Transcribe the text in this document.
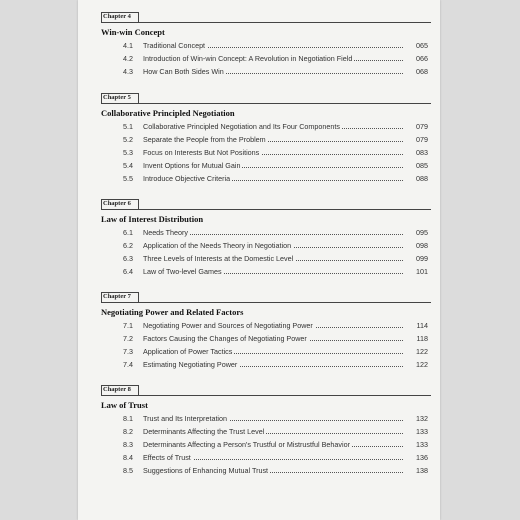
Chapter 4
Win-win Concept
4.1	Traditional Concept	065
4.2	Introduction of Win-win Concept: A Revolution in Negotiation Field	066
4.3	How Can Both Sides Win	068
Chapter 5
Collaborative Principled Negotiation
5.1	Collaborative Principled Negotiation and Its Four Components	079
5.2	Separate the People from the Problem	079
5.3	Focus on Interests But Not Positions	083
5.4	Invent Options for Mutual Gain	085
5.5	Introduce Objective Criteria	088
Chapter 6
Law of Interest Distribution
6.1	Needs Theory	095
6.2	Application of the Needs Theory in Negotiation	098
6.3	Three Levels of Interests at the Domestic Level	099
6.4	Law of Two-level Games	101
Chapter 7
Negotiating Power and Related Factors
7.1	Negotiating Power and Sources of Negotiating Power	114
7.2	Factors Causing the Changes of Negotiating Power	118
7.3	Application of Power Tactics	122
7.4	Estimating Negotiating Power	122
Chapter 8
Law of Trust
8.1	Trust and Its Interpretation	132
8.2	Determinants Affecting the Trust Level	133
8.3	Determinants Affecting a Person's Trustful or Mistrustful Behavior	133
8.4	Effects of Trust	136
8.5	Suggestions of Enhancing Mutual Trust	138
